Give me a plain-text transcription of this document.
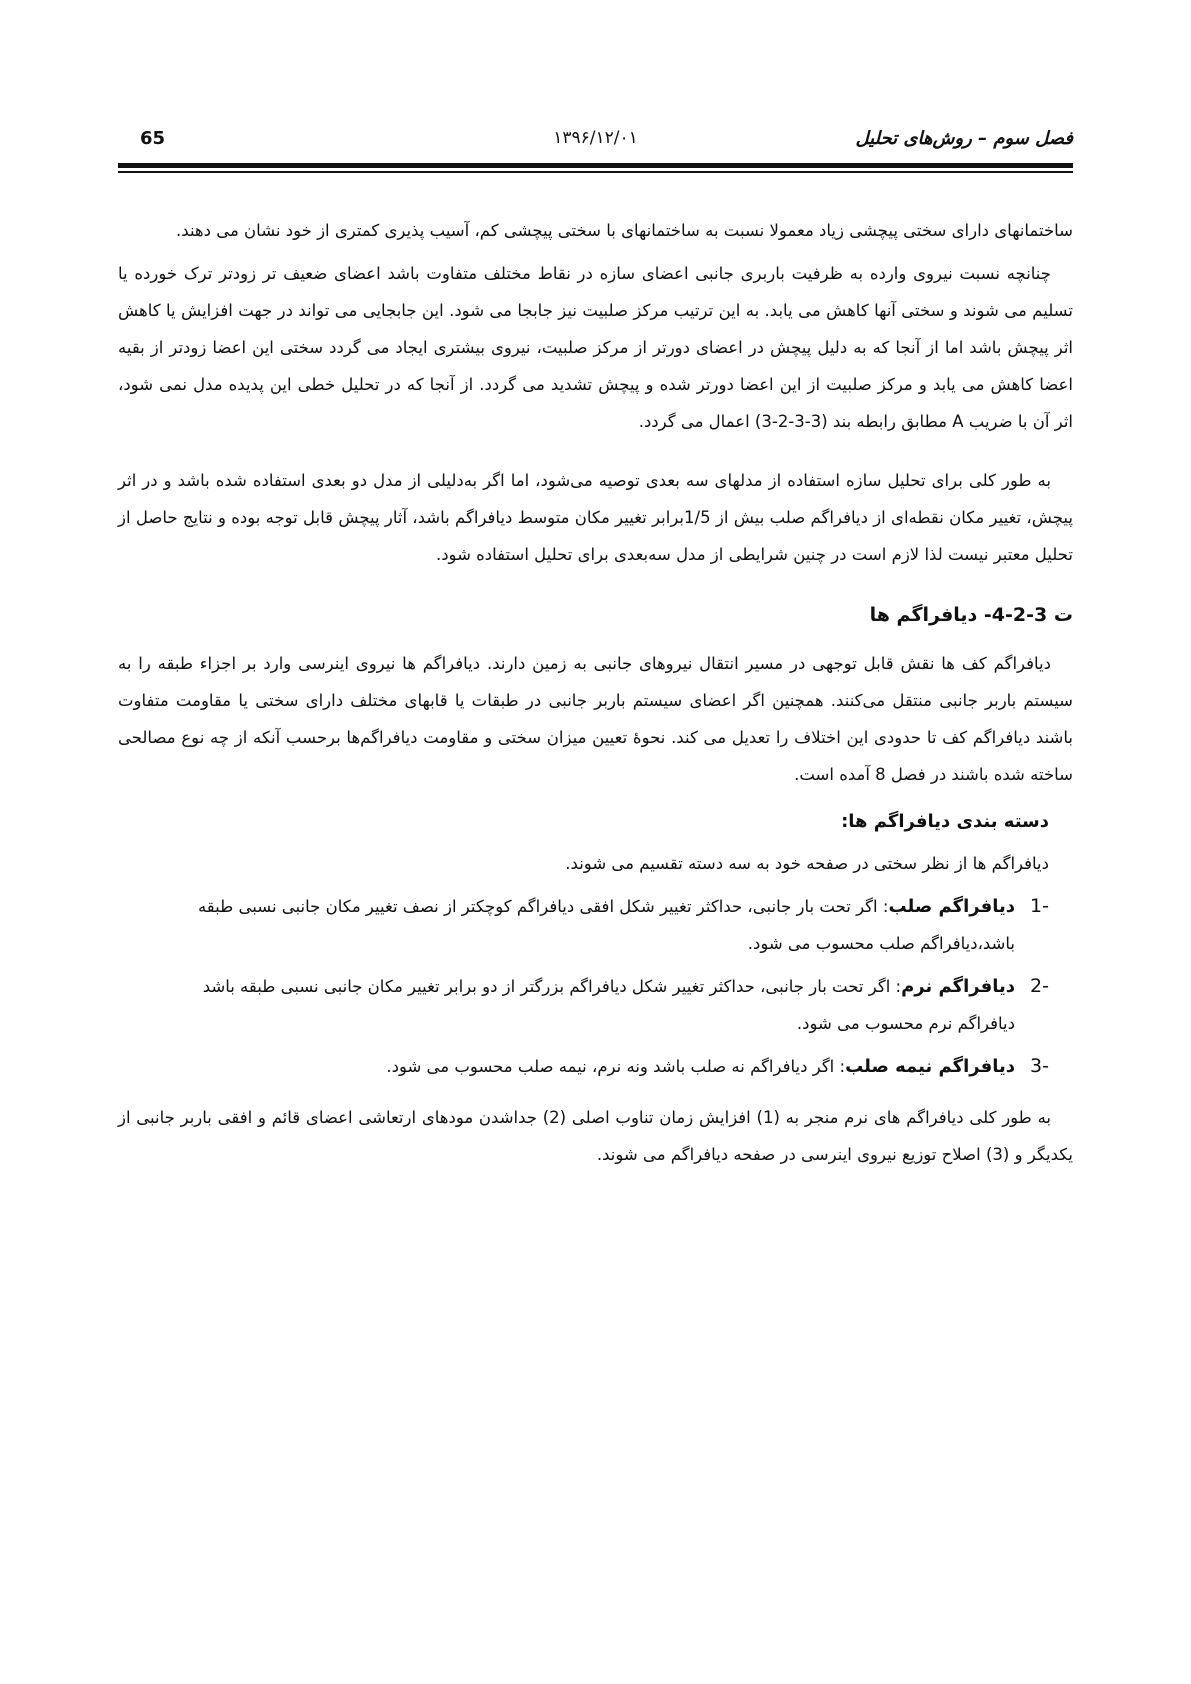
65	۱۳۹۶/۱۲/۰۱	فصل سوم – روش‌های تحلیل

ساختمانهای دارای سختی پیچشی زیاد معمولا نسبت به ساختمانهای با سختی پیچشی کم، آسیب پذیری کمتری از خود نشان می دهند.

چنانچه نسبت نیروی وارده به ظرفیت باربری جانبی اعضای سازه در نقاط مختلف متفاوت باشد اعضای ضعیف تر زودتر ترک خورده یا تسلیم می شوند و سختی آنها کاهش می یابد. به این ترتیب مرکز صلبیت نیز جابجا می شود. این جابجایی می تواند در جهت افزایش یا کاهش اثر پیچش باشد اما از آنجا که به دلیل پیچش در اعضای دورتر از مرکز صلبیت، نیروی بیشتری ایجاد می گردد سختی این اعضا زودتر از بقیه اعضا کاهش می یابد و مرکز صلبیت از این اعضا دورتر شده و پیچش تشدید می گردد. از آنجا که در تحلیل خطی این پدیده مدل نمی شود، اثر آن با ضریب A مطابق رابطه بند (3-3-2-3) اعمال می گردد.

به طور کلی برای تحلیل سازه استفاده از مدلهای سه بعدی توصیه می‌شود، اما اگر به‌دلیلی از مدل دو بعدی استفاده شده باشد و در اثر پیچش، تغییر مکان نقطه‌ای از دیافراگم صلب بیش از 1/5برابر تغییر مکان متوسط دیافراگم باشد، آثار پیچش قابل توجه بوده و نتایج حاصل از تحلیل معتبر نیست لذا لازم است در چنین شرایطی از مدل سه‌بعدی برای تحلیل استفاده شود.

ت 3-2-4- دیافراگم ها

دیافراگم کف ها نقش قابل توجهی در مسیر انتقال نیروهای جانبی به زمین دارند. دیافراگم ها نیروی اینرسی وارد بر اجزاء طبقه را به سیستم باربر جانبی منتقل می‌کنند. همچنین اگر اعضای سیستم باربر جانبی در طبقات یا قابهای مختلف دارای سختی یا مقاومت متفاوت باشند دیافراگم کف تا حدودی این اختلاف را تعدیل می کند. نحوهٔ تعیین میزان سختی و مقاومت دیافراگم‌ها برحسب آنکه از چه نوع مصالحی ساخته شده باشند در فصل 8 آمده است.

دسته بندی دیافراگم ها:

دیافراگم ها از نظر سختی در صفحه خود به سه دسته تقسیم می شوند.

-1
دیافراگم صلب: اگر تحت بار جانبی، حداکثر تغییر شکل افقی دیافراگم کوچکتر از نصف تغییر مکان جانبی نسبی طبقه
باشد،دیافراگم صلب محسوب می شود.
-2
دیافراگم نرم: اگر تحت بار جانبی، حداکثر تغییر شکل دیافراگم بزرگتر از دو برابر تغییر مکان جانبی نسبی طبقه باشد
دیافراگم نرم محسوب می شود.
-3
دیافراگم نیمه صلب: اگر دیافراگم نه صلب باشد ونه نرم، نیمه صلب محسوب می شود.

به طور کلی دیافراگم های نرم منجر به (1) افزایش زمان تناوب اصلی (2) جداشدن مودهای ارتعاشی اعضای قائم و افقی باربر جانبی از یکدیگر و (3) اصلاح توزیع نیروی اینرسی در صفحه دیافراگم می شوند.
